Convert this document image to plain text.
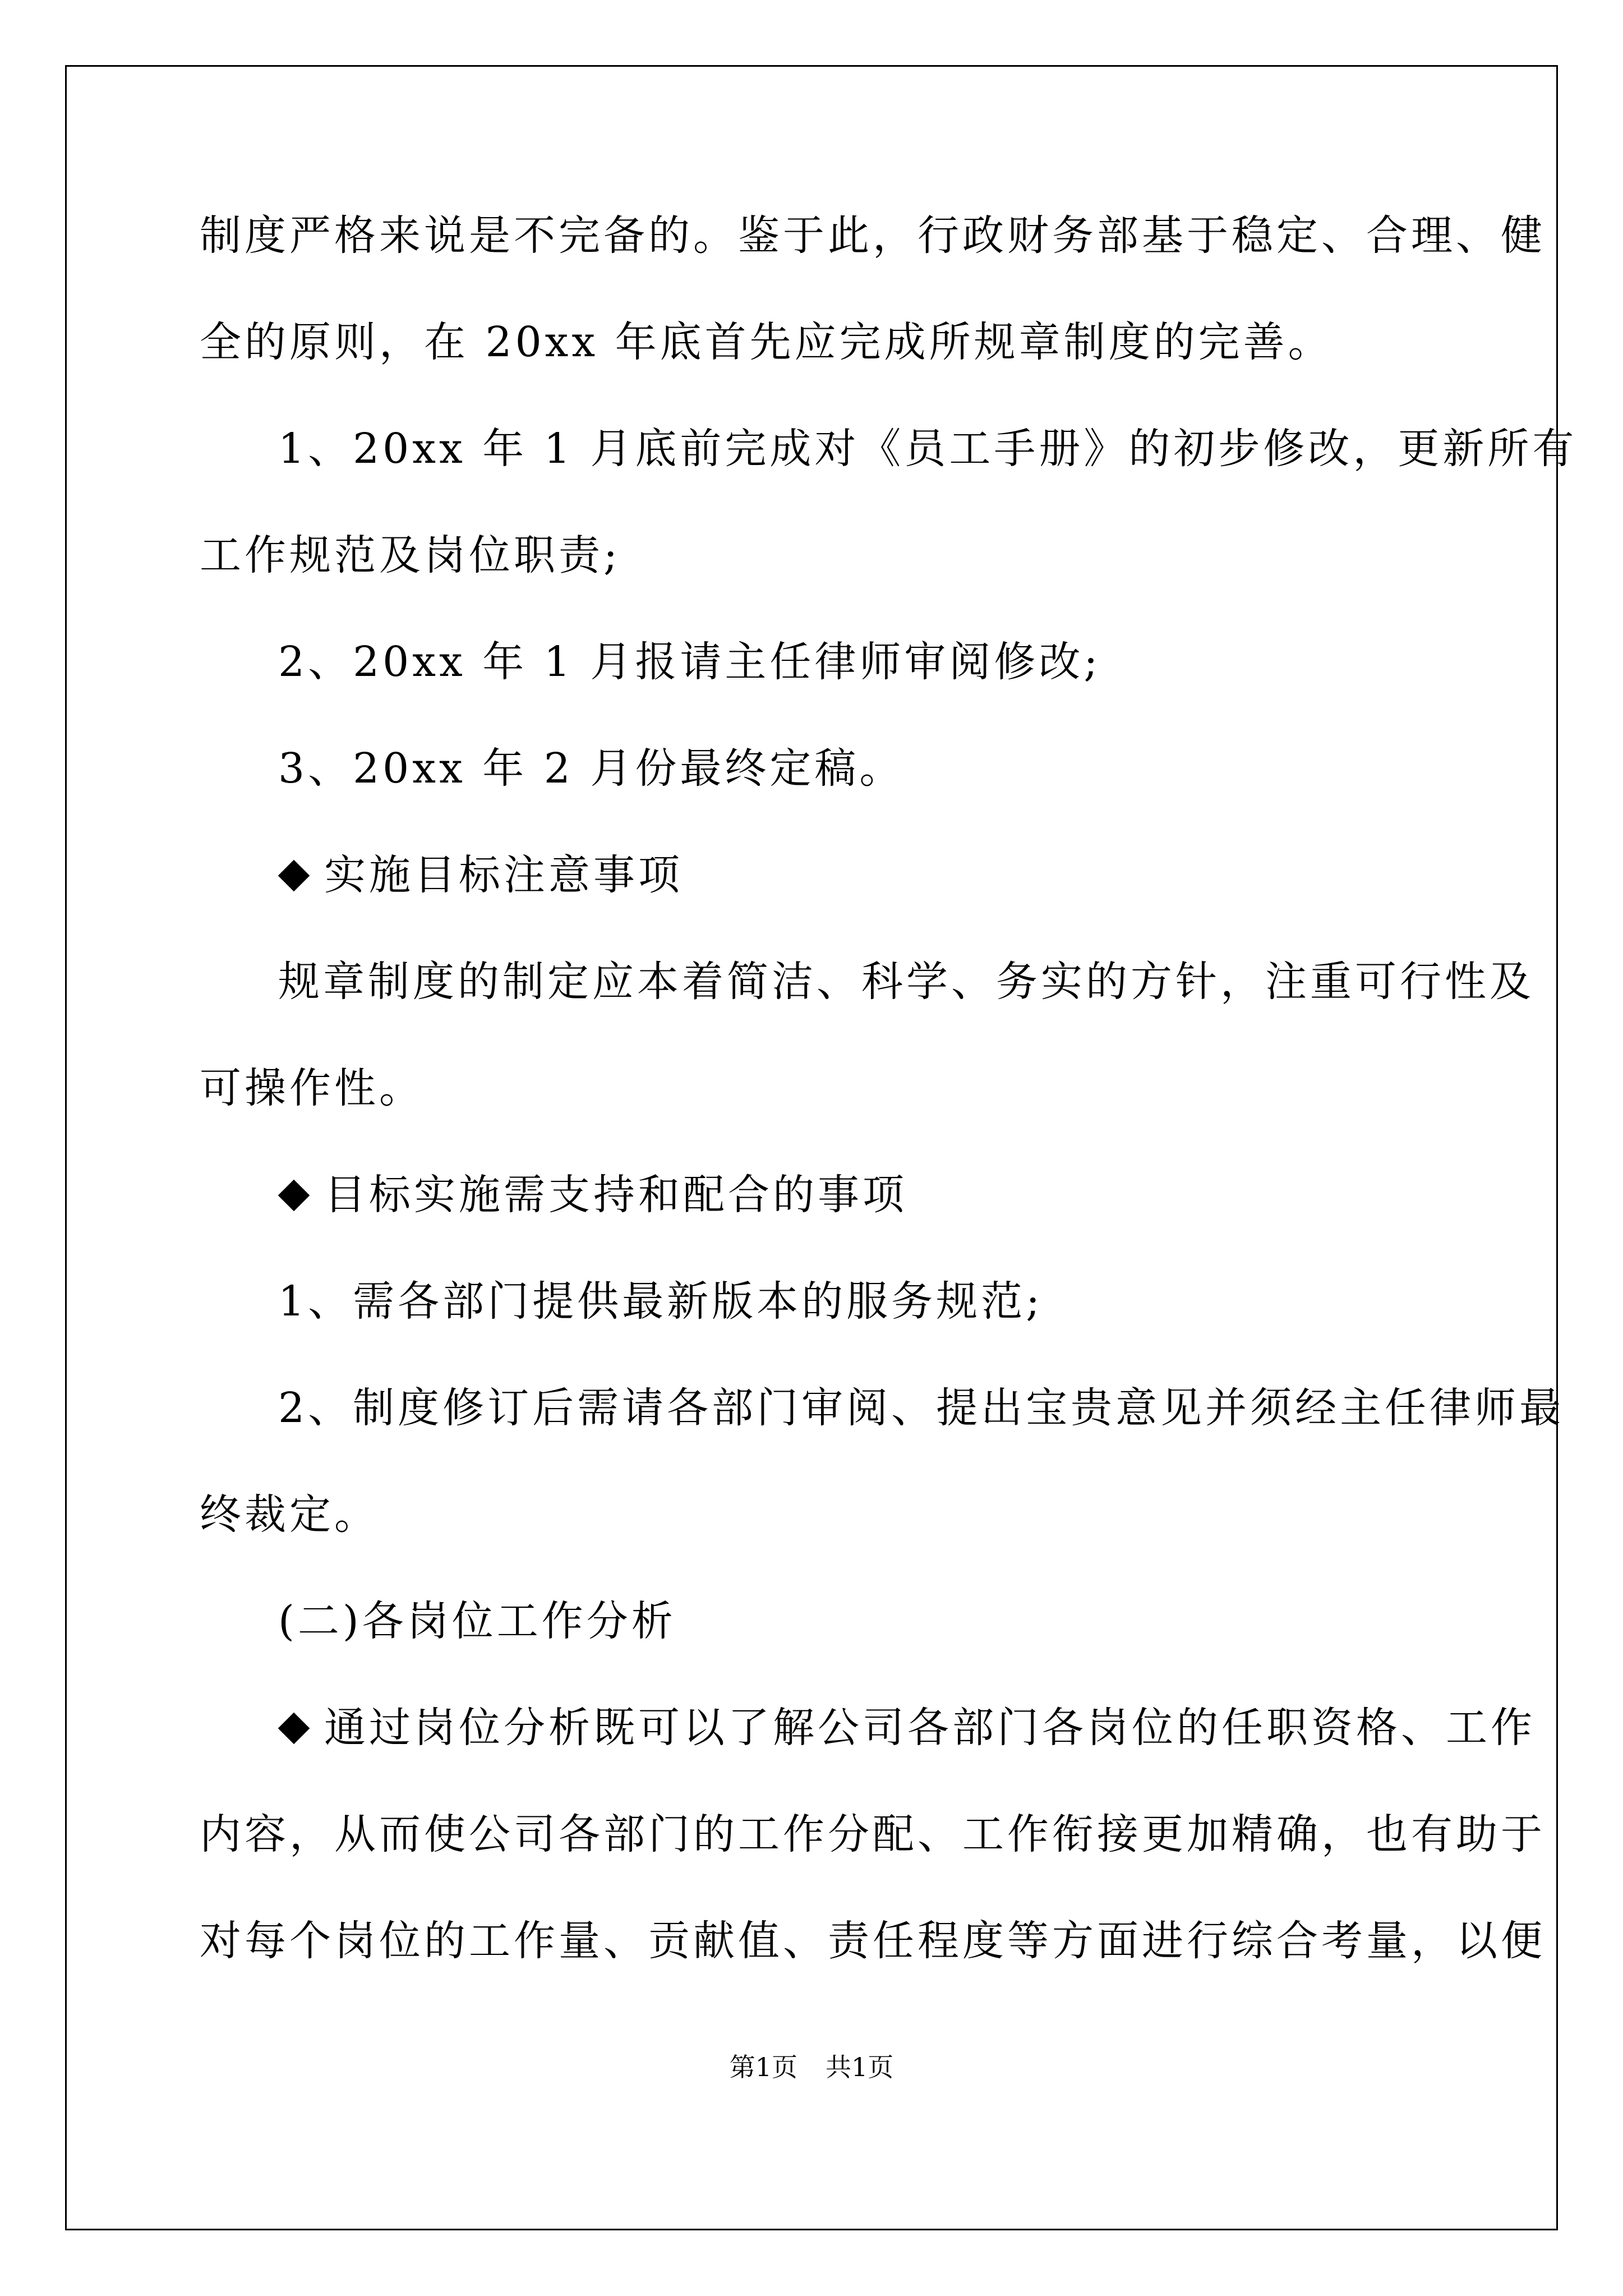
制度严格来说是不完备的。鉴于此，行政财务部基于稳定、合理、健
全的原则，在 20xx 年底首先应完成所规章制度的完善。
1、20xx 年 1 月底前完成对《员工手册》的初步修改，更新所有
工作规范及岗位职责;
2、20xx 年 1 月报请主任律师审阅修改;
3、20xx 年 2 月份最终定稿。
实施目标注意事项
规章制度的制定应本着简洁、科学、务实的方针，注重可行性及
可操作性。
目标实施需支持和配合的事项
1、需各部门提供最新版本的服务规范;
2、制度修订后需请各部门审阅、提出宝贵意见并须经主任律师最
终裁定。
(二)各岗位工作分析
通过岗位分析既可以了解公司各部门各岗位的任职资格、工作
内容，从而使公司各部门的工作分配、工作衔接更加精确，也有助于
对每个岗位的工作量、贡献值、责任程度等方面进行综合考量，以便
第1页 共1页
